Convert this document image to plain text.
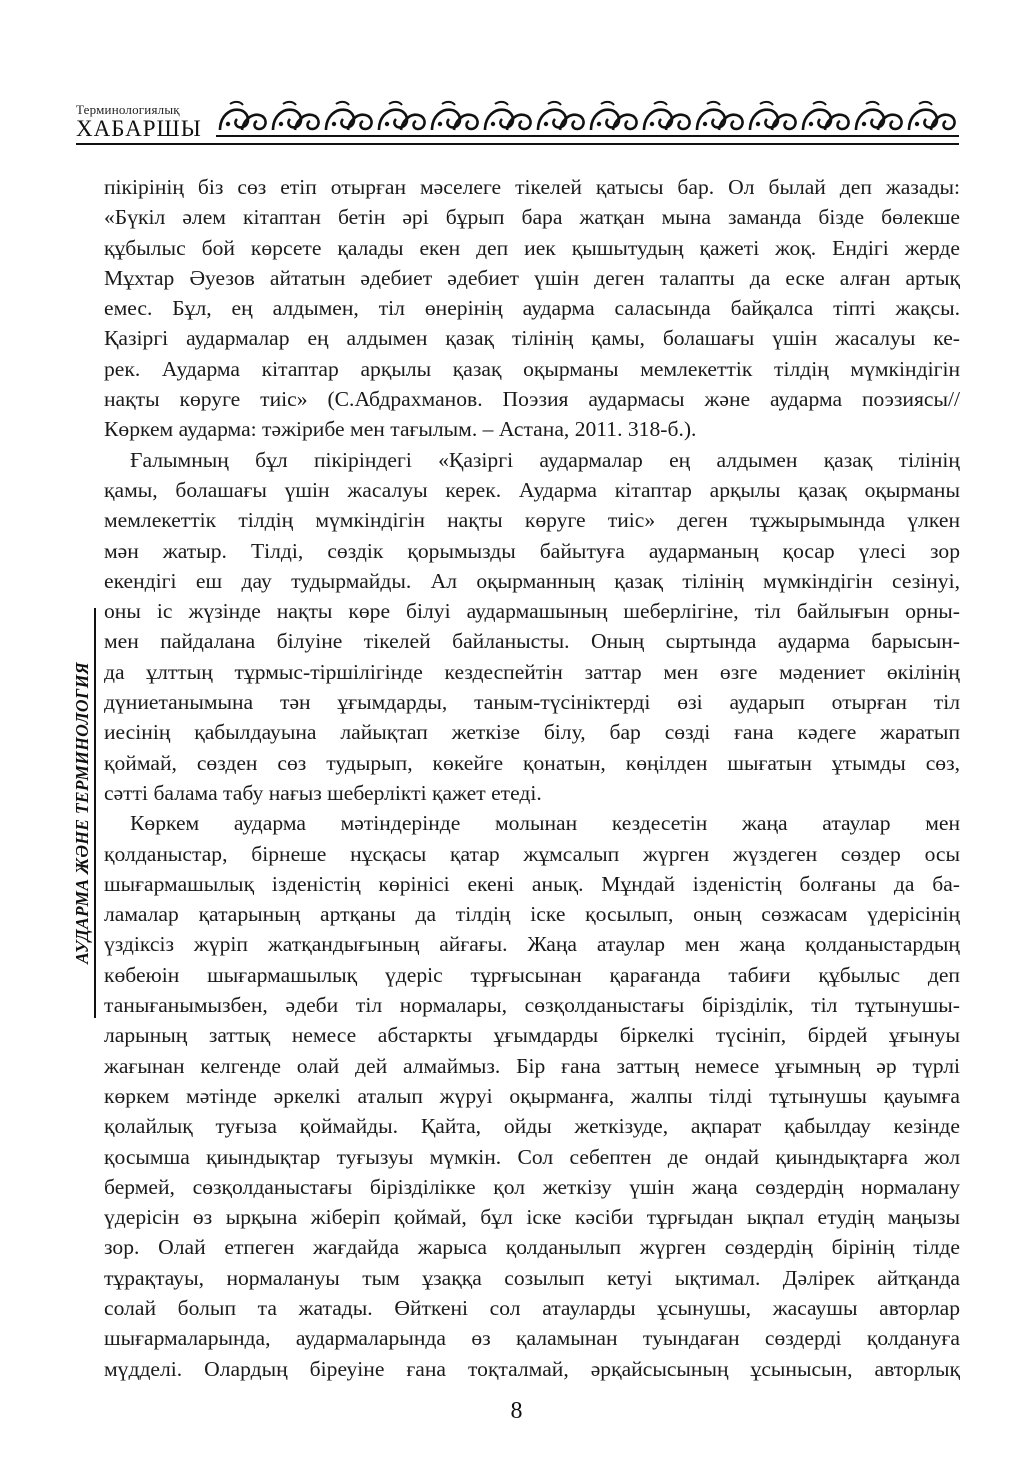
Терминологиялық
ХАБАРШЫ
АУДАРМА ЖӘНЕ ТЕРМИНОЛОГИЯ
пікірінің біз сөз етіп отырған мәселеге тікелей қатысы бар. Ол былай деп жазады:
«Бүкіл әлем кітаптан бетін әрі бұрып бара жатқан мына заманда бізде бөлекше
құбылыс бой көрсете қалады екен деп иек қышытудың қажеті жоқ. Ендігі жерде
Мұхтар Әуезов айтатын әдебиет әдебиет үшін деген талапты да еске алған артық
емес. Бұл, ең алдымен, тіл өнерінің аударма саласында байқалса тіпті жақсы.
Қазіргі аудармалар ең алдымен қазақ тілінің қамы, болашағы үшін жасалуы ке-
рек. Аударма кітаптар арқылы қазақ оқырманы мемлекеттік тілдің мүмкіндігін
нақты көруге тиіс» (С.Абдрахманов. Поэзия аудармасы және аударма поэзиясы//
Көркем аударма: тәжірибе мен тағылым. – Астана, 2011. 318-б.).
Ғалымның бұл пікіріндегі «Қазіргі аудармалар ең алдымен қазақ тілінің
қамы, болашағы үшін жасалуы керек. Аударма кітаптар арқылы қазақ оқырманы
мемлекеттік тілдің мүмкіндігін нақты көруге тиіс» деген тұжырымында үлкен
мән жатыр. Тілді, сөздік қорымызды байытуға аударманың қосар үлесі зор
екендігі еш дау тудырмайды. Ал оқырманның қазақ тілінің мүмкіндігін сезінуі,
оны іс жүзінде нақты көре білуі аудармашының шеберлігіне, тіл байлығын орны-
мен пайдалана білуіне тікелей байланысты. Оның сыртында аударма барысын-
да ұлттың тұрмыс-тіршілігінде кездеспейтін заттар мен өзге мәдениет өкілінің
дүниетанымына тән ұғымдарды, таным-түсініктерді өзі аударып отырған тіл
иесінің қабылдауына лайықтап жеткізе білу, бар сөзді ғана кәдеге жаратып
қоймай, сөзден сөз тудырып, көкейге қонатын, көңілден шығатын ұтымды сөз,
сәтті балама табу нағыз шеберлікті қажет етеді.
Көркем аударма мәтіндерінде молынан кездесетін жаңа атаулар мен
қолданыстар, бірнеше нұсқасы қатар жұмсалып жүрген жүздеген сөздер осы
шығармашылық ізденістің көрінісі екені анық. Мұндай ізденістің болғаны да ба-
ламалар қатарының артқаны да тілдің іске қосылып, оның сөзжасам үдерісінің
үздіксіз жүріп жатқандығының айғағы. Жаңа атаулар мен жаңа қолданыстардың
көбеюін шығармашылық үдеріс тұрғысынан қарағанда табиғи құбылыс деп
танығанымызбен, әдеби тіл нормалары, сөзқолданыстағы бірізділік, тіл тұтынушы-
ларының заттық немесе абстаркты ұғымдарды біркелкі түсініп, бірдей ұғынуы
жағынан келгенде олай дей алмаймыз. Бір ғана заттың немесе ұғымның әр түрлі
көркем мәтінде әркелкі аталып жүруі оқырманға, жалпы тілді тұтынушы қауымға
қолайлық туғыза қоймайды. Қайта, ойды жеткізуде, ақпарат қабылдау кезінде
қосымша қиындықтар туғызуы мүмкін. Сол себептен де ондай қиындықтарға жол
бермей, сөзқолданыстағы бірізділікке қол жеткізу үшін жаңа сөздердің нормалану
үдерісін өз ырқына жіберіп қоймай, бұл іске кәсіби тұрғыдан ықпал етудің маңызы
зор. Олай етпеген жағдайда жарыса қолданылып жүрген сөздердің бірінің тілде
тұрақтауы, нормалануы тым ұзаққа созылып кетуі ықтимал. Дәлірек айтқанда
солай болып та жатады. Өйткені сол атауларды ұсынушы, жасаушы авторлар
шығармаларында, аудармаларында өз қаламынан туындаған сөздерді қолдануға
мүдделі. Олардың біреуіне ғана тоқталмай, әрқайсысының ұсынысын, авторлық
8
